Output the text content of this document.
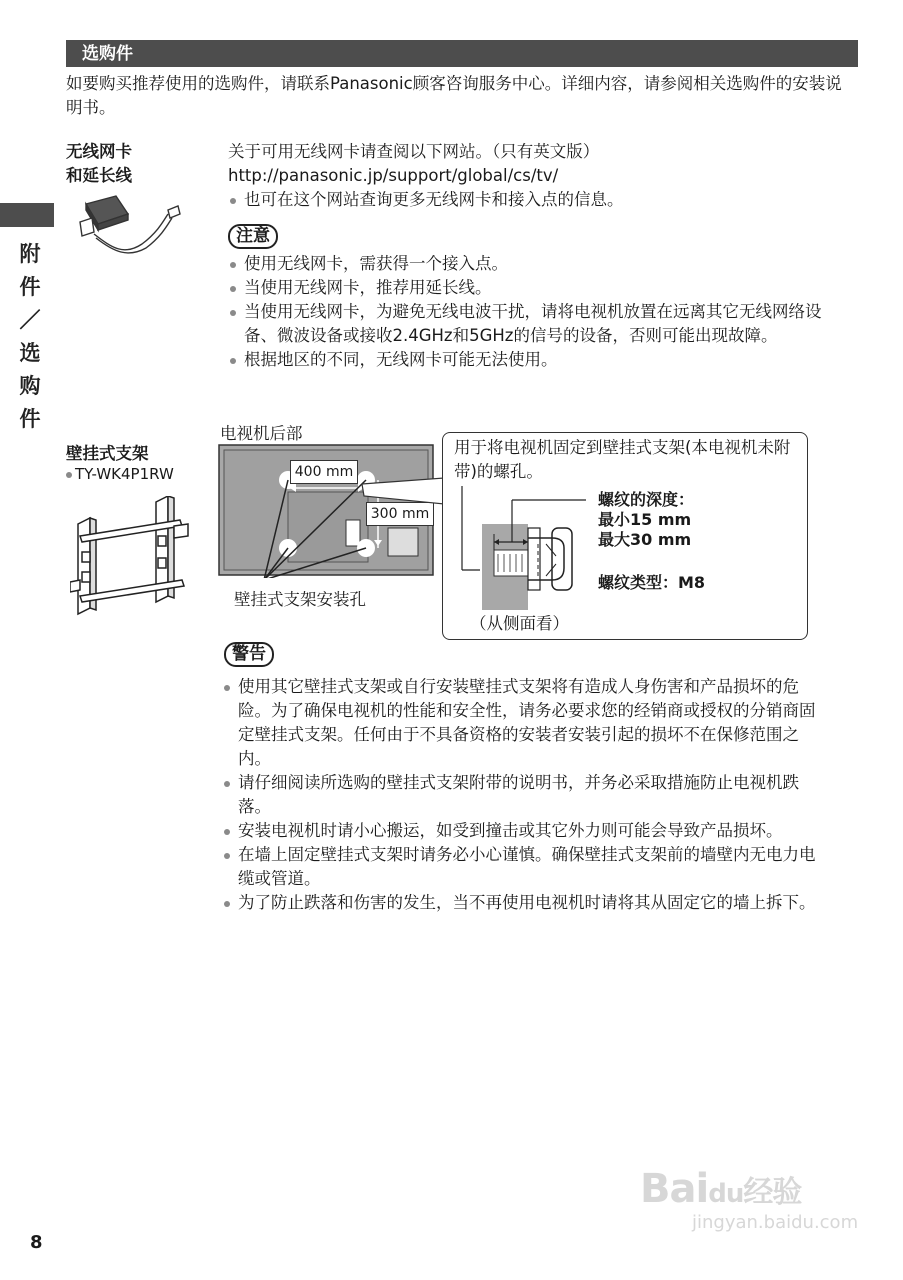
选购件
如要购买推荐使用的选购件，请联系Panasonic顾客咨询服务中心。详细内容，请参阅相关选购件的安装说明书。
附
件
／
选
购
件
无线网卡
和延长线
关于可用无线网卡请查阅以下网站。（只有英文版）
http://panasonic.jp/support/global/cs/tv/
也可在这个网站查询更多无线网卡和接入点的信息。
注意
使用无线网卡，需获得一个接入点。
当使用无线网卡，推荐用延长线。
当使用无线网卡，为避免无线电波干扰，请将电视机放置在远离其它无线网络设备、微波设备或接收2.4GHz和5GHz的信号的设备，否则可能出现故障。
根据地区的不同，无线网卡可能无法使用。
壁挂式支架
TY-WK4P1RW
电视机后部
400 mm
300 mm
壁挂式支架安装孔
用于将电视机固定到壁挂式支架(本电视机未附带)的螺孔。
螺纹的深度：
最小15 mm
最大30 mm
螺纹类型：M8
（从侧面看）
警告
使用其它壁挂式支架或自行安装壁挂式支架将有造成人身伤害和产品损坏的危险。为了确保电视机的性能和安全性，请务必要求您的经销商或授权的分销商固定壁挂式支架。任何由于不具备资格的安装者安装引起的损坏不在保修范围之内。
请仔细阅读所选购的壁挂式支架附带的说明书，并务必采取措施防止电视机跌落。
安装电视机时请小心搬运，如受到撞击或其它外力则可能会导致产品损坏。
在墙上固定壁挂式支架时请务必小心谨慎。确保壁挂式支架前的墙壁内无电力电缆或管道。
为了防止跌落和伤害的发生，当不再使用电视机时请将其从固定它的墙上拆下。
Baidu经验
jingyan.baidu.com
8
